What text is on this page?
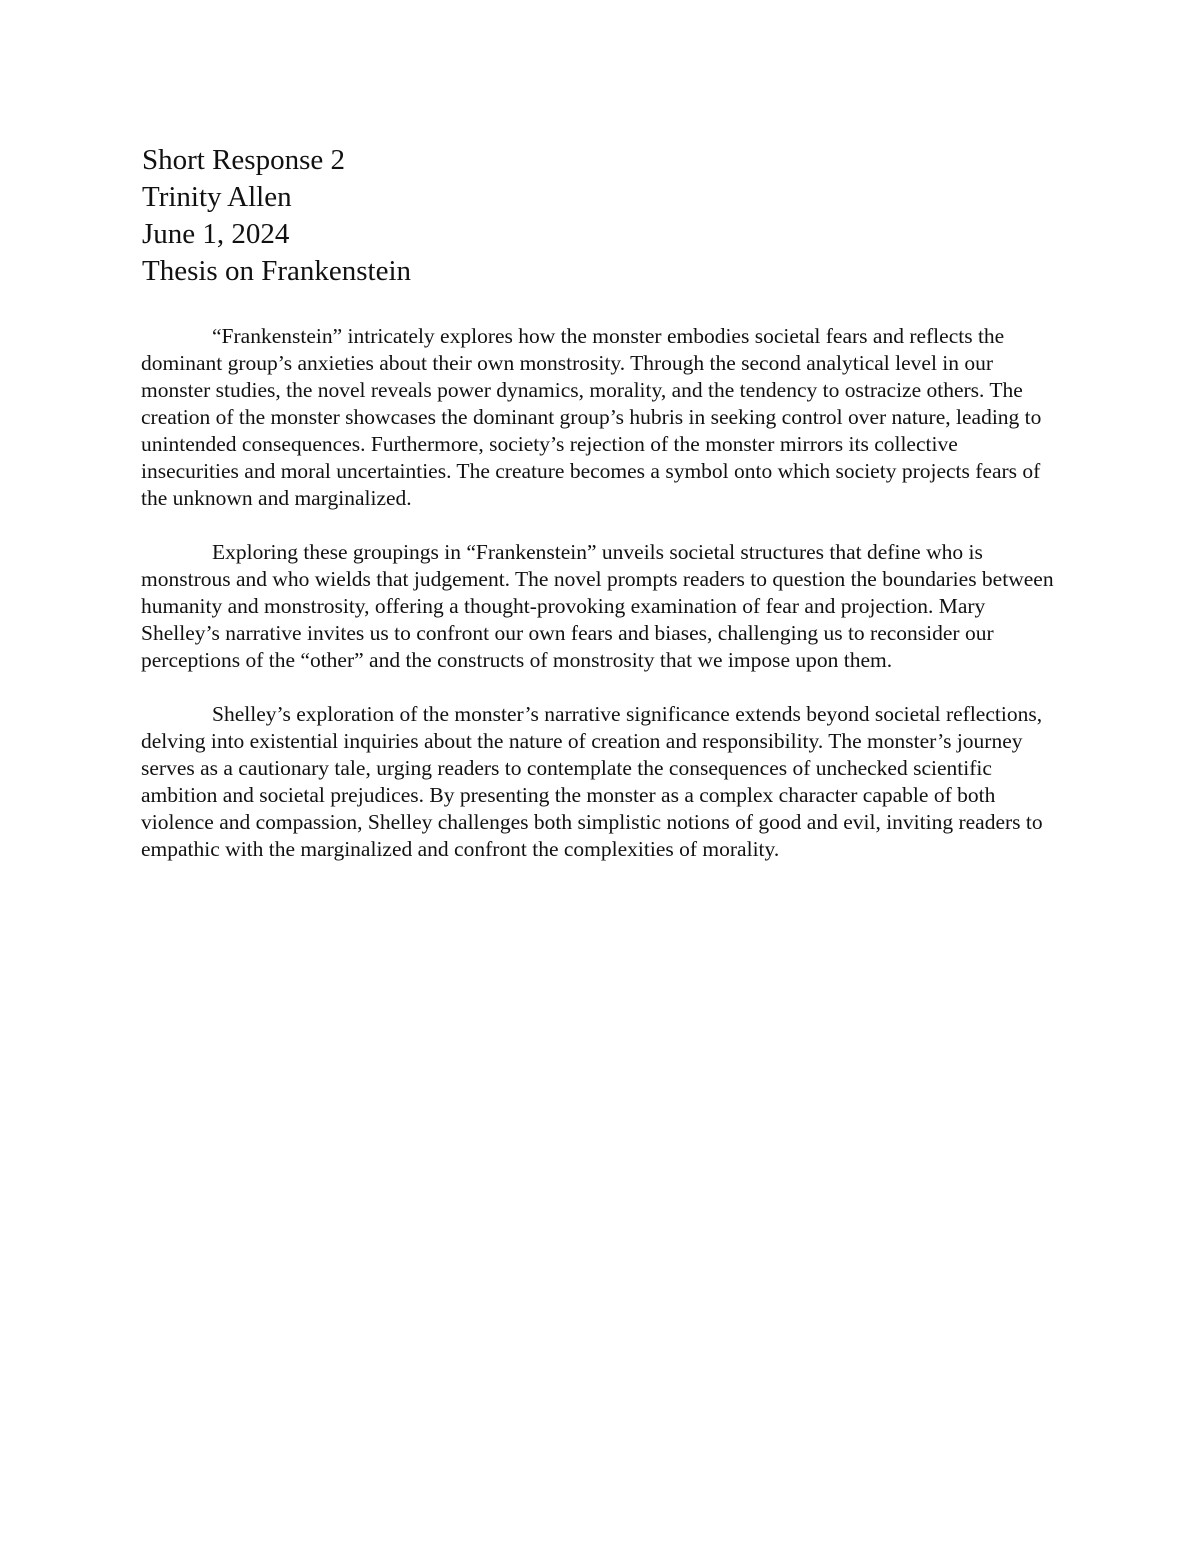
Short Response 2

Trinity Allen

June 1, 2024

Thesis on Frankenstein

“Frankenstein” intricately explores how the monster embodies societal fears and reflects the dominant group’s anxieties about their own monstrosity. Through the second analytical level in our monster studies, the novel reveals power dynamics, morality, and the tendency to ostracize others. The creation of the monster showcases the dominant group’s hubris in seeking control over nature, leading to unintended consequences. Furthermore, society’s rejection of the monster mirrors its collective insecurities and moral uncertainties. The creature becomes a symbol onto which society projects fears of the unknown and marginalized.

Exploring these groupings in “Frankenstein” unveils societal structures that define who is monstrous and who wields that judgement. The novel prompts readers to question the boundaries between humanity and monstrosity, offering a thought-provoking examination of fear and projection. Mary Shelley’s narrative invites us to confront our own fears and biases, challenging us to reconsider our perceptions of the “other” and the constructs of monstrosity that we impose upon them.

Shelley’s exploration of the monster’s narrative significance extends beyond societal reflections, delving into existential inquiries about the nature of creation and responsibility. The monster’s journey serves as a cautionary tale, urging readers to contemplate the consequences of unchecked scientific ambition and societal prejudices. By presenting the monster as a complex character capable of both violence and compassion, Shelley challenges both simplistic notions of good and evil, inviting readers to empathic with the marginalized and confront the complexities of morality.
